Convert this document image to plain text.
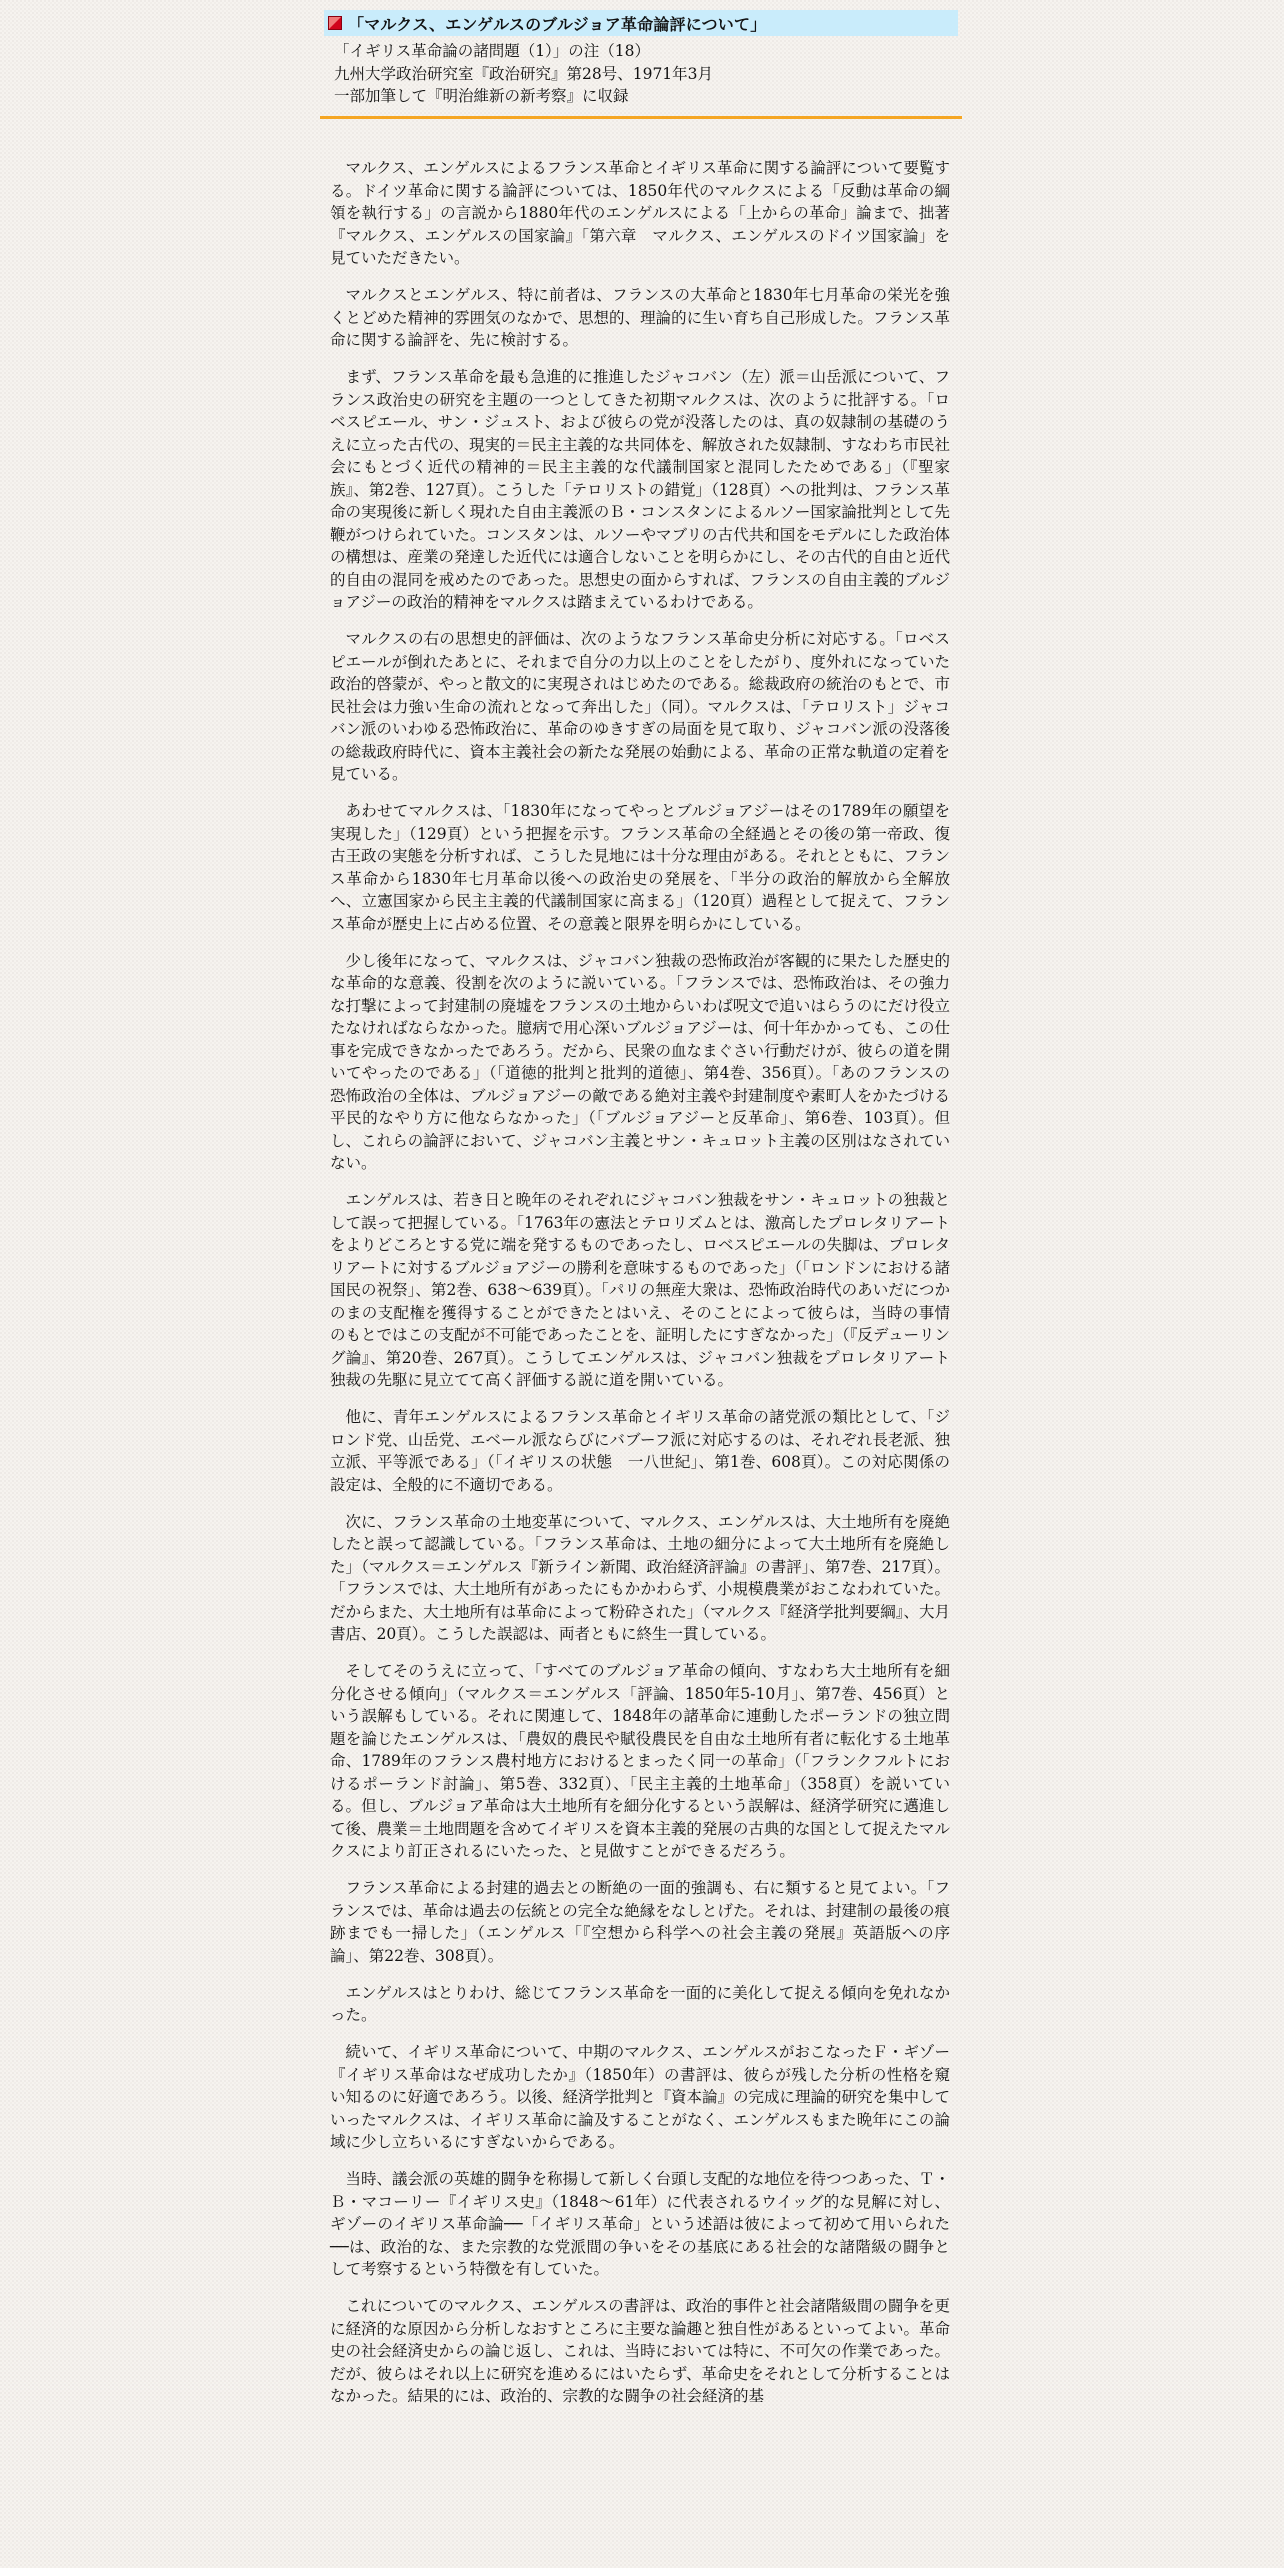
「マルクス、エンゲルスのブルジョア革命論評について」
「イギリス革命論の諸問題（1）」の注（18）
九州大学政治研究室『政治研究』第28号、1971年3月
一部加筆して『明治維新の新考察』に収録

マルクス、エンゲルスによるフランス革命とイギリス革命に関する論評について要覧する。ドイツ革命に関する論評については、1850年代のマルクスによる「反動は革命の綱領を執行する」の言説から1880年代のエンゲルスによる「上からの革命」論まで、拙著『マルクス、エンゲルスの国家論』「第六章　マルクス、エンゲルスのドイツ国家論」を見ていただきたい。

マルクスとエンゲルス、特に前者は、フランスの大革命と1830年七月革命の栄光を強くとどめた精神的雰囲気のなかで、思想的、理論的に生い育ち自己形成した。フランス革命に関する論評を、先に検討する。

まず、フランス革命を最も急進的に推進したジャコバン（左）派＝山岳派について、フランス政治史の研究を主題の一つとしてきた初期マルクスは、次のように批評する。「ロベスピエール、サン・ジュスト、および彼らの党が没落したのは、真の奴隷制の基礎のうえに立った古代の、現実的＝民主主義的な共同体を、解放された奴隷制、すなわち市民社会にもとづく近代の精神的＝民主主義的な代議制国家と混同したためである」（『聖家族』、第2巻、127頁）。こうした「テロリストの錯覚」（128頁）への批判は、フランス革命の実現後に新しく現れた自由主義派のＢ・コンスタンによるルソー国家論批判として先鞭がつけられていた。コンスタンは、ルソーやマブリの古代共和国をモデルにした政治体の構想は、産業の発達した近代には適合しないことを明らかにし、その古代的自由と近代的自由の混同を戒めたのであった。思想史の面からすれば、フランスの自由主義的ブルジョアジーの政治的精神をマルクスは踏まえているわけである。

マルクスの右の思想史的評価は、次のようなフランス革命史分析に対応する。「ロベスピエールが倒れたあとに、それまで自分の力以上のことをしたがり、度外れになっていた政治的啓蒙が、やっと散文的に実現されはじめたのである。総裁政府の統治のもとで、市民社会は力強い生命の流れとなって奔出した」（同）。マルクスは、「テロリスト」ジャコバン派のいわゆる恐怖政治に、革命のゆきすぎの局面を見て取り、ジャコバン派の没落後の総裁政府時代に、資本主義社会の新たな発展の始動による、革命の正常な軌道の定着を見ている。

あわせてマルクスは、「1830年になってやっとブルジョアジーはその1789年の願望を実現した」（129頁）という把握を示す。フランス革命の全経過とその後の第一帝政、復古王政の実態を分析すれば、こうした見地には十分な理由がある。それとともに、フランス革命から1830年七月革命以後への政治史の発展を、「半分の政治的解放から全解放へ、立憲国家から民主主義的代議制国家に高まる」（120頁）過程として捉えて、フランス革命が歴史上に占める位置、その意義と限界を明らかにしている。

少し後年になって、マルクスは、ジャコバン独裁の恐怖政治が客観的に果たした歴史的な革命的な意義、役割を次のように説いている。「フランスでは、恐怖政治は、その強力な打撃によって封建制の廃墟をフランスの土地からいわば呪文で追いはらうのにだけ役立たなければならなかった。臆病で用心深いブルジョアジーは、何十年かかっても、この仕事を完成できなかったであろう。だから、民衆の血なまぐさい行動だけが、彼らの道を開いてやったのである」（「道徳的批判と批判的道徳」、第4巻、356頁）。「あのフランスの恐怖政治の全体は、ブルジョアジーの敵である絶対主義や封建制度や素町人をかたづける平民的なやり方に他ならなかった」（「ブルジョアジーと反革命」、第6巻、103頁）。但し、これらの論評において、ジャコバン主義とサン・キュロット主義の区別はなされていない。

エンゲルスは、若き日と晩年のそれぞれにジャコバン独裁をサン・キュロットの独裁として誤って把握している。「1763年の憲法とテロリズムとは、激高したプロレタリアートをよりどころとする党に端を発するものであったし、ロベスピエールの失脚は、プロレタリアートに対するブルジョアジーの勝利を意味するものであった」（「ロンドンにおける諸国民の祝祭」、第2巻、638～639頁）。「パリの無産大衆は、恐怖政治時代のあいだにつかのまの支配権を獲得することができたとはいえ、そのことによって彼らは，当時の事情のもとではこの支配が不可能であったことを、証明したにすぎなかった」（『反デューリング論』、第20巻、267頁）。こうしてエンゲルスは、ジャコバン独裁をプロレタリアート独裁の先駆に見立てて高く評価する説に道を開いている。

他に、青年エンゲルスによるフランス革命とイギリス革命の諸党派の類比として、「ジロンド党、山岳党、エベール派ならびにバブーフ派に対応するのは、それぞれ長老派、独立派、平等派である」（「イギリスの状態　一八世紀」、第1巻、608頁）。この対応関係の設定は、全般的に不適切である。

次に、フランス革命の土地変革について、マルクス、エンゲルスは、大土地所有を廃絶したと誤って認識している。「フランス革命は、土地の細分によって大土地所有を廃絶した」（マルクス＝エンゲルス『新ライン新聞、政治経済評論』の書評」、第7巻、217頁）。「フランスでは、大土地所有があったにもかかわらず、小規模農業がおこなわれていた。だからまた、大土地所有は革命によって粉砕された」（マルクス『経済学批判要綱』、大月書店、20頁）。こうした誤認は、両者ともに終生一貫している。

そしてそのうえに立って、「すべてのブルジョア革命の傾向、すなわち大土地所有を細分化させる傾向」（マルクス＝エンゲルス「評論、1850年5-10月」、第7巻、456頁）という誤解もしている。それに関連して、1848年の諸革命に連動したポーランドの独立問題を論じたエンゲルスは、「農奴的農民や賦役農民を自由な土地所有者に転化する土地革命、1789年のフランス農村地方におけるとまったく同一の革命」（「フランクフルトにおけるポーランド討論」、第5巻、332頁）、「民主主義的土地革命」（358頁）を説いている。但し、ブルジョア革命は大土地所有を細分化するという誤解は、経済学研究に邁進して後、農業＝土地問題を含めてイギリスを資本主義的発展の古典的な国として捉えたマルクスにより訂正されるにいたった、と見做すことができるだろう。

フランス革命による封建的過去との断絶の一面的強調も、右に類すると見てよい。「フランスでは、革命は過去の伝統との完全な絶縁をなしとげた。それは、封建制の最後の痕跡までも一掃した」（エンゲルス「『空想から科学への社会主義の発展』英語版への序論」、第22巻、308頁）。

エンゲルスはとりわけ、総じてフランス革命を一面的に美化して捉える傾向を免れなかった。

続いて、イギリス革命について、中期のマルクス、エンゲルスがおこなったＦ・ギゾー『イギリス革命はなぜ成功したか』（1850年）の書評は、彼らが残した分析の性格を窺い知るのに好適であろう。以後、経済学批判と『資本論』の完成に理論的研究を集中していったマルクスは、イギリス革命に論及することがなく、エンゲルスもまた晩年にこの論域に少し立ちいるにすぎないからである。

当時、議会派の英雄的闘争を称揚して新しく台頭し支配的な地位を待つつあった、Ｔ・Ｂ・マコーリー『イギリス史』（1848～61年）に代表されるウイッグ的な見解に対し、ギゾーのイギリス革命論──「イギリス革命」という述語は彼によって初めて用いられた──は、政治的な、また宗教的な党派間の争いをその基底にある社会的な諸階級の闘争として考察するという特徴を有していた。

これについてのマルクス、エンゲルスの書評は、政治的事件と社会諸階級間の闘争を更に経済的な原因から分析しなおすところに主要な論趣と独自性があるといってよい。革命史の社会経済史からの論じ返し、これは、当時においては特に、不可欠の作業であった。だが、彼らはそれ以上に研究を進めるにはいたらず、革命史をそれとして分析することはなかった。結果的には、政治的、宗教的な闘争の社会経済的基
